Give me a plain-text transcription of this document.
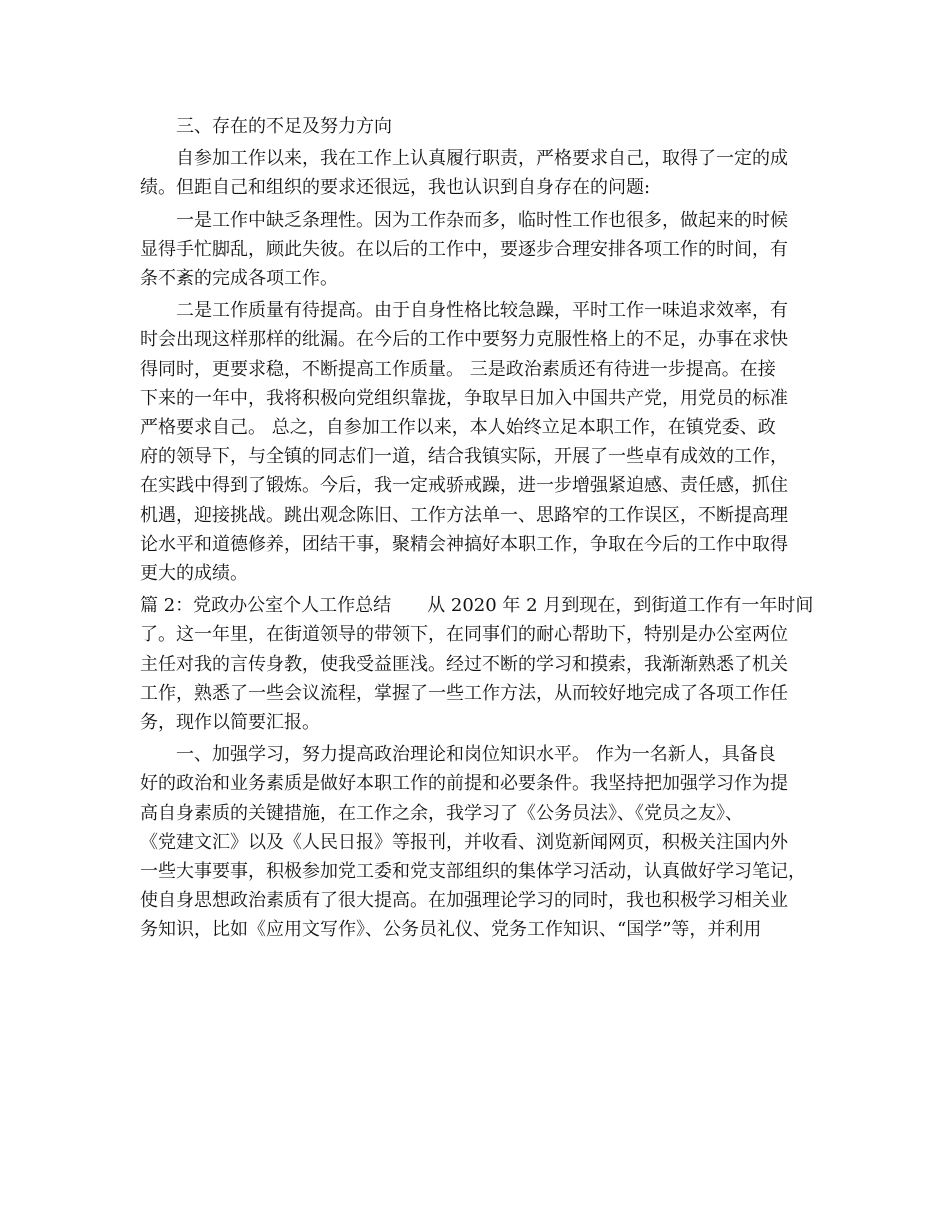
三、存在的不足及努力方向
自参加工作以来，我在工作上认真履行职责，严格要求自己，取得了一定的成
绩。但距自己和组织的要求还很远，我也认识到自身存在的问题:
一是工作中缺乏条理性。因为工作杂而多，临时性工作也很多，做起来的时候
显得手忙脚乱，顾此失彼。在以后的工作中，要逐步合理安排各项工作的时间，有
条不紊的完成各项工作。
二是工作质量有待提高。由于自身性格比较急躁，平时工作一味追求效率，有
时会出现这样那样的纰漏。在今后的工作中要努力克服性格上的不足，办事在求快
得同时，更要求稳，不断提高工作质量。 三是政治素质还有待进一步提高。在接
下来的一年中，我将积极向党组织靠拢，争取早日加入中国共产党，用党员的标准
严格要求自己。 总之，自参加工作以来，本人始终立足本职工作，在镇党委、政
府的领导下，与全镇的同志们一道，结合我镇实际，开展了一些卓有成效的工作，
在实践中得到了锻炼。今后，我一定戒骄戒躁，进一步增强紧迫感、责任感，抓住
机遇，迎接挑战。跳出观念陈旧、工作方法单一、思路窄的工作误区，不断提高理
论水平和道德修养，团结干事，聚精会神搞好本职工作，争取在今后的工作中取得
更大的成绩。
篇 2：党政办公室个人工作总结　　从 2020 年 2 月到现在，到街道工作有一年时间
了。这一年里，在街道领导的带领下，在同事们的耐心帮助下，特别是办公室两位
主任对我的言传身教，使我受益匪浅。经过不断的学习和摸索，我渐渐熟悉了机关
工作，熟悉了一些会议流程，掌握了一些工作方法，从而较好地完成了各项工作任
务，现作以简要汇报。
一、加强学习，努力提高政治理论和岗位知识水平。 作为一名新人，具备良
好的政治和业务素质是做好本职工作的前提和必要条件。我坚持把加强学习作为提
高自身素质的关键措施，在工作之余，我学习了《公务员法》、《党员之友》、
《党建文汇》以及《人民日报》等报刊，并收看、浏览新闻网页，积极关注国内外
一些大事要事，积极参加党工委和党支部组织的集体学习活动，认真做好学习笔记，
使自身思想政治素质有了很大提高。在加强理论学习的同时，我也积极学习相关业
务知识，比如《应用文写作》、公务员礼仪、党务工作知识、“国学”等，并利用
